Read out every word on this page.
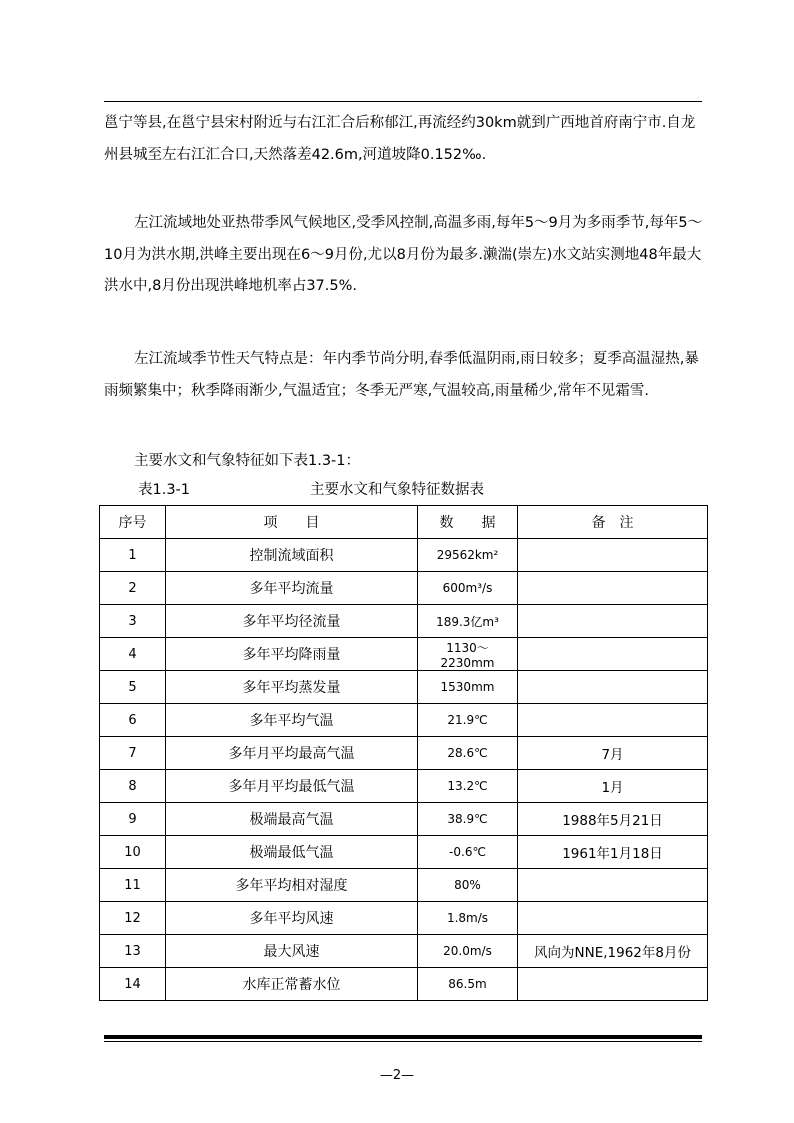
邕宁等县,在邕宁县宋村附近与右江汇合后称郁江,再流经约30km就到广西地首府南宁市.自龙州县城至左右江汇合口,天然落差42.6m,河道坡降0.152‰.

左江流域地处亚热带季风气候地区,受季风控制,高温多雨,每年5～9月为多雨季节,每年5～10月为洪水期,洪峰主要出现在6～9月份,尤以8月份为最多.濑湍(崇左)水文站实测地48年最大洪水中,8月份出现洪峰地机率占37.5%.

左江流域季节性天气特点是：年内季节尚分明,春季低温阴雨,雨日较多；夏季高温湿热,暴雨频繁集中；秋季降雨渐少,气温适宜；冬季无严寒,气温较高,雨量稀少,常年不见霜雪.

主要水文和气象特征如下表1.3-1：

表1.3-1	主要水文和气象特征数据表
序号	项　　目	数　　据	备　注
1	控制流域面积	29562km²	
2	多年平均流量	600m³/s	
3	多年平均径流量	189.3亿m³	
4	多年平均降雨量	1130～ 2230mm	
5	多年平均蒸发量	1530mm	
6	多年平均气温	21.9℃	
7	多年月平均最高气温	28.6℃	7月
8	多年月平均最低气温	13.2℃	1月
9	极端最高气温	38.9℃	1988年5月21日
10	极端最低气温	-0.6℃	1961年1月18日
11	多年平均相对湿度	80%	
12	多年平均风速	1.8m/s	
13	最大风速	20.0m/s	风向为NNE,1962年8月份
14	水库正常蓄水位	86.5m	
—2—
